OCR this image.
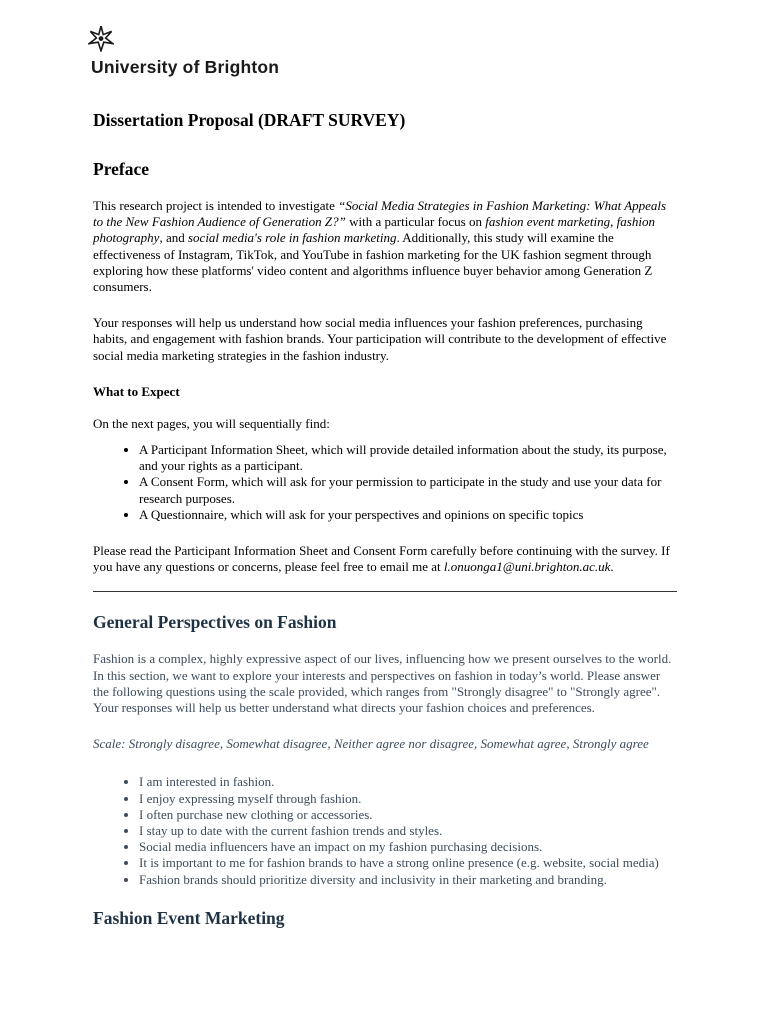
University of Brighton
Dissertation Proposal (DRAFT SURVEY)
Preface

This research project is intended to investigate “Social Media Strategies in Fashion Marketing: What Appeals to the New Fashion Audience of Generation Z?” with a particular focus on fashion event marketing, fashion photography, and social media's role in fashion marketing. Additionally, this study will examine the effectiveness of Instagram, TikTok, and YouTube in fashion marketing for the UK fashion segment through exploring how these platforms' video content and algorithms influence buyer behavior among Generation Z consumers.

Your responses will help us understand how social media influences your fashion preferences, purchasing habits, and engagement with fashion brands. Your participation will contribute to the development of effective social media marketing strategies in the fashion industry.

What to Expect

On the next pages, you will sequentially find:

• A Participant Information Sheet, which will provide detailed information about the study, its purpose, and your rights as a participant.
• A Consent Form, which will ask for your permission to participate in the study and use your data for research purposes.
• A Questionnaire, which will ask for your perspectives and opinions on specific topics

Please read the Participant Information Sheet and Consent Form carefully before continuing with the survey. If you have any questions or concerns, please feel free to email me at l.onuonga1@uni.brighton.ac.uk.

General Perspectives on Fashion

Fashion is a complex, highly expressive aspect of our lives, influencing how we present ourselves to the world. In this section, we want to explore your interests and perspectives on fashion in today’s world. Please answer the following questions using the scale provided, which ranges from "Strongly disagree" to "Strongly agree". Your responses will help us better understand what directs your fashion choices and preferences.

Scale: Strongly disagree, Somewhat disagree, Neither agree nor disagree, Somewhat agree, Strongly agree

• I am interested in fashion.
• I enjoy expressing myself through fashion.
• I often purchase new clothing or accessories.
• I stay up to date with the current fashion trends and styles.
• Social media influencers have an impact on my fashion purchasing decisions.
• It is important to me for fashion brands to have a strong online presence (e.g. website, social media)
• Fashion brands should prioritize diversity and inclusivity in their marketing and branding.
Fashion Event Marketing
